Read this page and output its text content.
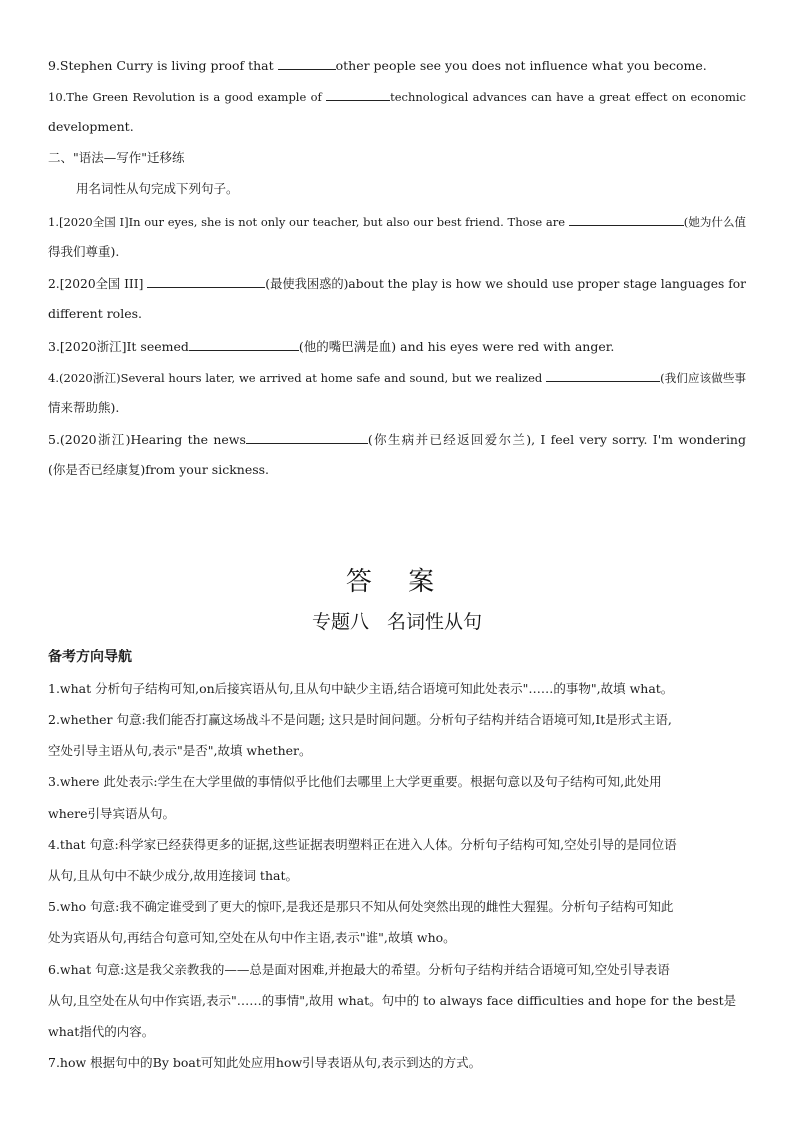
9.Stephen Curry is living proof that	other people see you does not influence what you become.
10.The Green Revolution is a good example of	technological advances can have a great effect on economic
development.
二、"语法—写作"迁移练
用名词性从句完成下列句子。
1.[2020全国 I]In our eyes, she is not only our teacher, but also our best friend. Those are	(她为什么值
得我们尊重).
2.[2020全国 III]	(最使我困惑的)about the play is how we should use proper stage languages for
different roles.
3.[2020浙江]It seemed	(他的嘴巴满是血) and his eyes were red with anger.
4.(2020浙江)Several hours later, we arrived at home safe and sound, but we realized	(我们应该做些事
情来帮助熊).
5.(2020浙江)Hearing the news	(你生病并已经返回爱尔兰), I feel very sorry. I'm wondering
(你是否已经康复)from your sickness.
答 案
专题八   名词性从句
备考方向导航
1.what 分析句子结构可知,on后接宾语从句,且从句中缺少主语,结合语境可知此处表示"……的事物",故填 what。
2.whether 句意:我们能否打赢这场战斗不是问题; 这只是时间问题。分析句子结构并结合语境可知,It是形式主语,
空处引导主语从句,表示"是否",故填 whether。
3.where 此处表示:学生在大学里做的事情似乎比他们去哪里上大学更重要。根据句意以及句子结构可知,此处用
where引导宾语从句。
4.that 句意:科学家已经获得更多的证据,这些证据表明塑料正在进入人体。分析句子结构可知,空处引导的是同位语
从句,且从句中不缺少成分,故用连接词 that。
5.who 句意:我不确定谁受到了更大的惊吓,是我还是那只不知从何处突然出现的雌性大猩猩。分析句子结构可知此
处为宾语从句,再结合句意可知,空处在从句中作主语,表示"谁",故填 who。
6.what 句意:这是我父亲教我的——总是面对困难,并抱最大的希望。分析句子结构并结合语境可知,空处引导表语
从句,且空处在从句中作宾语,表示"……的事情",故用 what。句中的 to always face difficulties and hope for the best是
what指代的内容。
7.how 根据句中的By boat可知此处应用how引导表语从句,表示到达的方式。
